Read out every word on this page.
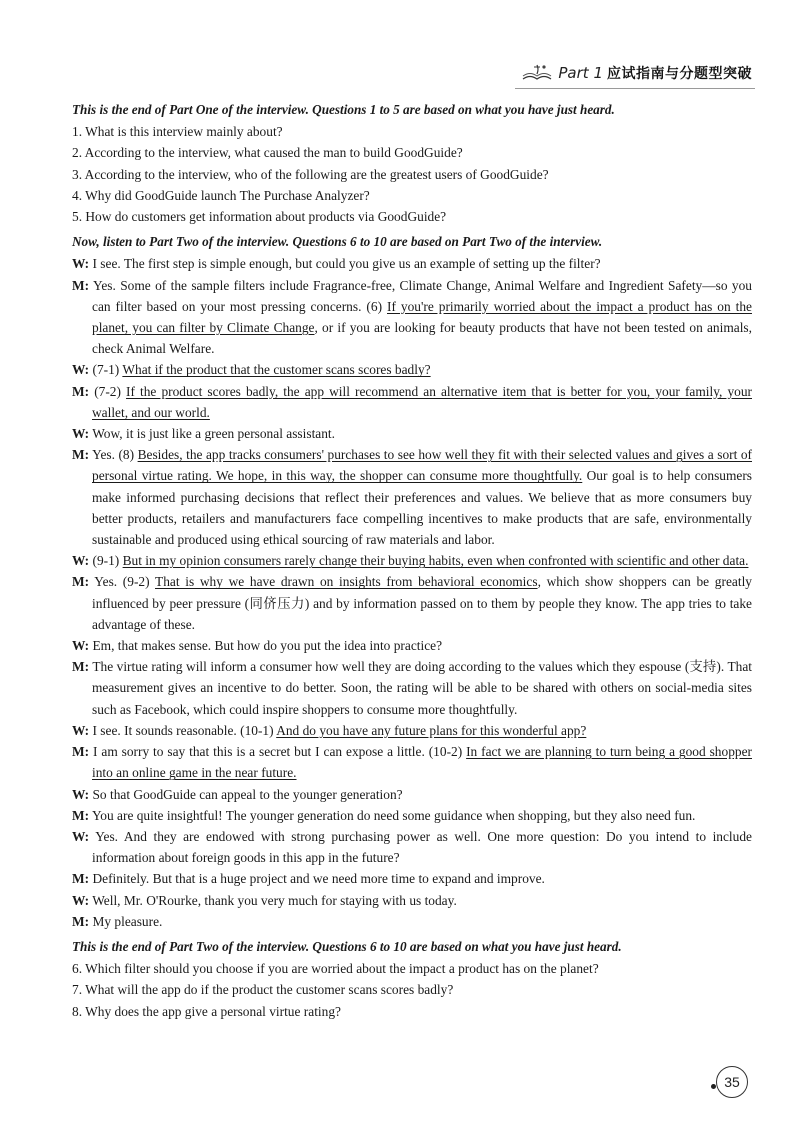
Part 1 应试指南与分题型突破
This is the end of Part One of the interview. Questions 1 to 5 are based on what you have just heard.
1. What is this interview mainly about?
2. According to the interview, what caused the man to build GoodGuide?
3. According to the interview, who of the following are the greatest users of GoodGuide?
4. Why did GoodGuide launch The Purchase Analyzer?
5. How do customers get information about products via GoodGuide?
Now, listen to Part Two of the interview. Questions 6 to 10 are based on Part Two of the interview.
W: I see. The first step is simple enough, but could you give us an example of setting up the filter?
M: Yes. Some of the sample filters include Fragrance-free, Climate Change, Animal Welfare and Ingredient Safety—so you can filter based on your most pressing concerns. (6) If you're primarily worried about the impact a product has on the planet, you can filter by Climate Change, or if you are looking for beauty products that have not been tested on animals, check Animal Welfare.
W: (7-1) What if the product that the customer scans scores badly?
M: (7-2) If the product scores badly, the app will recommend an alternative item that is better for you, your family, your wallet, and our world.
W: Wow, it is just like a green personal assistant.
M: Yes. (8) Besides, the app tracks consumers' purchases to see how well they fit with their selected values and gives a sort of personal virtue rating. We hope, in this way, the shopper can consume more thoughtfully. Our goal is to help consumers make informed purchasing decisions that reflect their preferences and values. We believe that as more consumers buy better products, retailers and manufacturers face compelling incentives to make products that are safe, environmentally sustainable and produced using ethical sourcing of raw materials and labor.
W: (9-1) But in my opinion consumers rarely change their buying habits, even when confronted with scientific and other data.
M: Yes. (9-2) That is why we have drawn on insights from behavioral economics, which show shoppers can be greatly influenced by peer pressure (同侪压力) and by information passed on to them by people they know. The app tries to take advantage of these.
W: Em, that makes sense. But how do you put the idea into practice?
M: The virtue rating will inform a consumer how well they are doing according to the values which they espouse (支持). That measurement gives an incentive to do better. Soon, the rating will be able to be shared with others on social-media sites such as Facebook, which could inspire shoppers to consume more thoughtfully.
W: I see. It sounds reasonable. (10-1) And do you have any future plans for this wonderful app?
M: I am sorry to say that this is a secret but I can expose a little. (10-2) In fact we are planning to turn being a good shopper into an online game in the near future.
W: So that GoodGuide can appeal to the younger generation?
M: You are quite insightful! The younger generation do need some guidance when shopping, but they also need fun.
W: Yes. And they are endowed with strong purchasing power as well. One more question: Do you intend to include information about foreign goods in this app in the future?
M: Definitely. But that is a huge project and we need more time to expand and improve.
W: Well, Mr. O'Rourke, thank you very much for staying with us today.
M: My pleasure.
This is the end of Part Two of the interview. Questions 6 to 10 are based on what you have just heard.
6. Which filter should you choose if you are worried about the impact a product has on the planet?
7. What will the app do if the product the customer scans scores badly?
8. Why does the app give a personal virtue rating?
35
